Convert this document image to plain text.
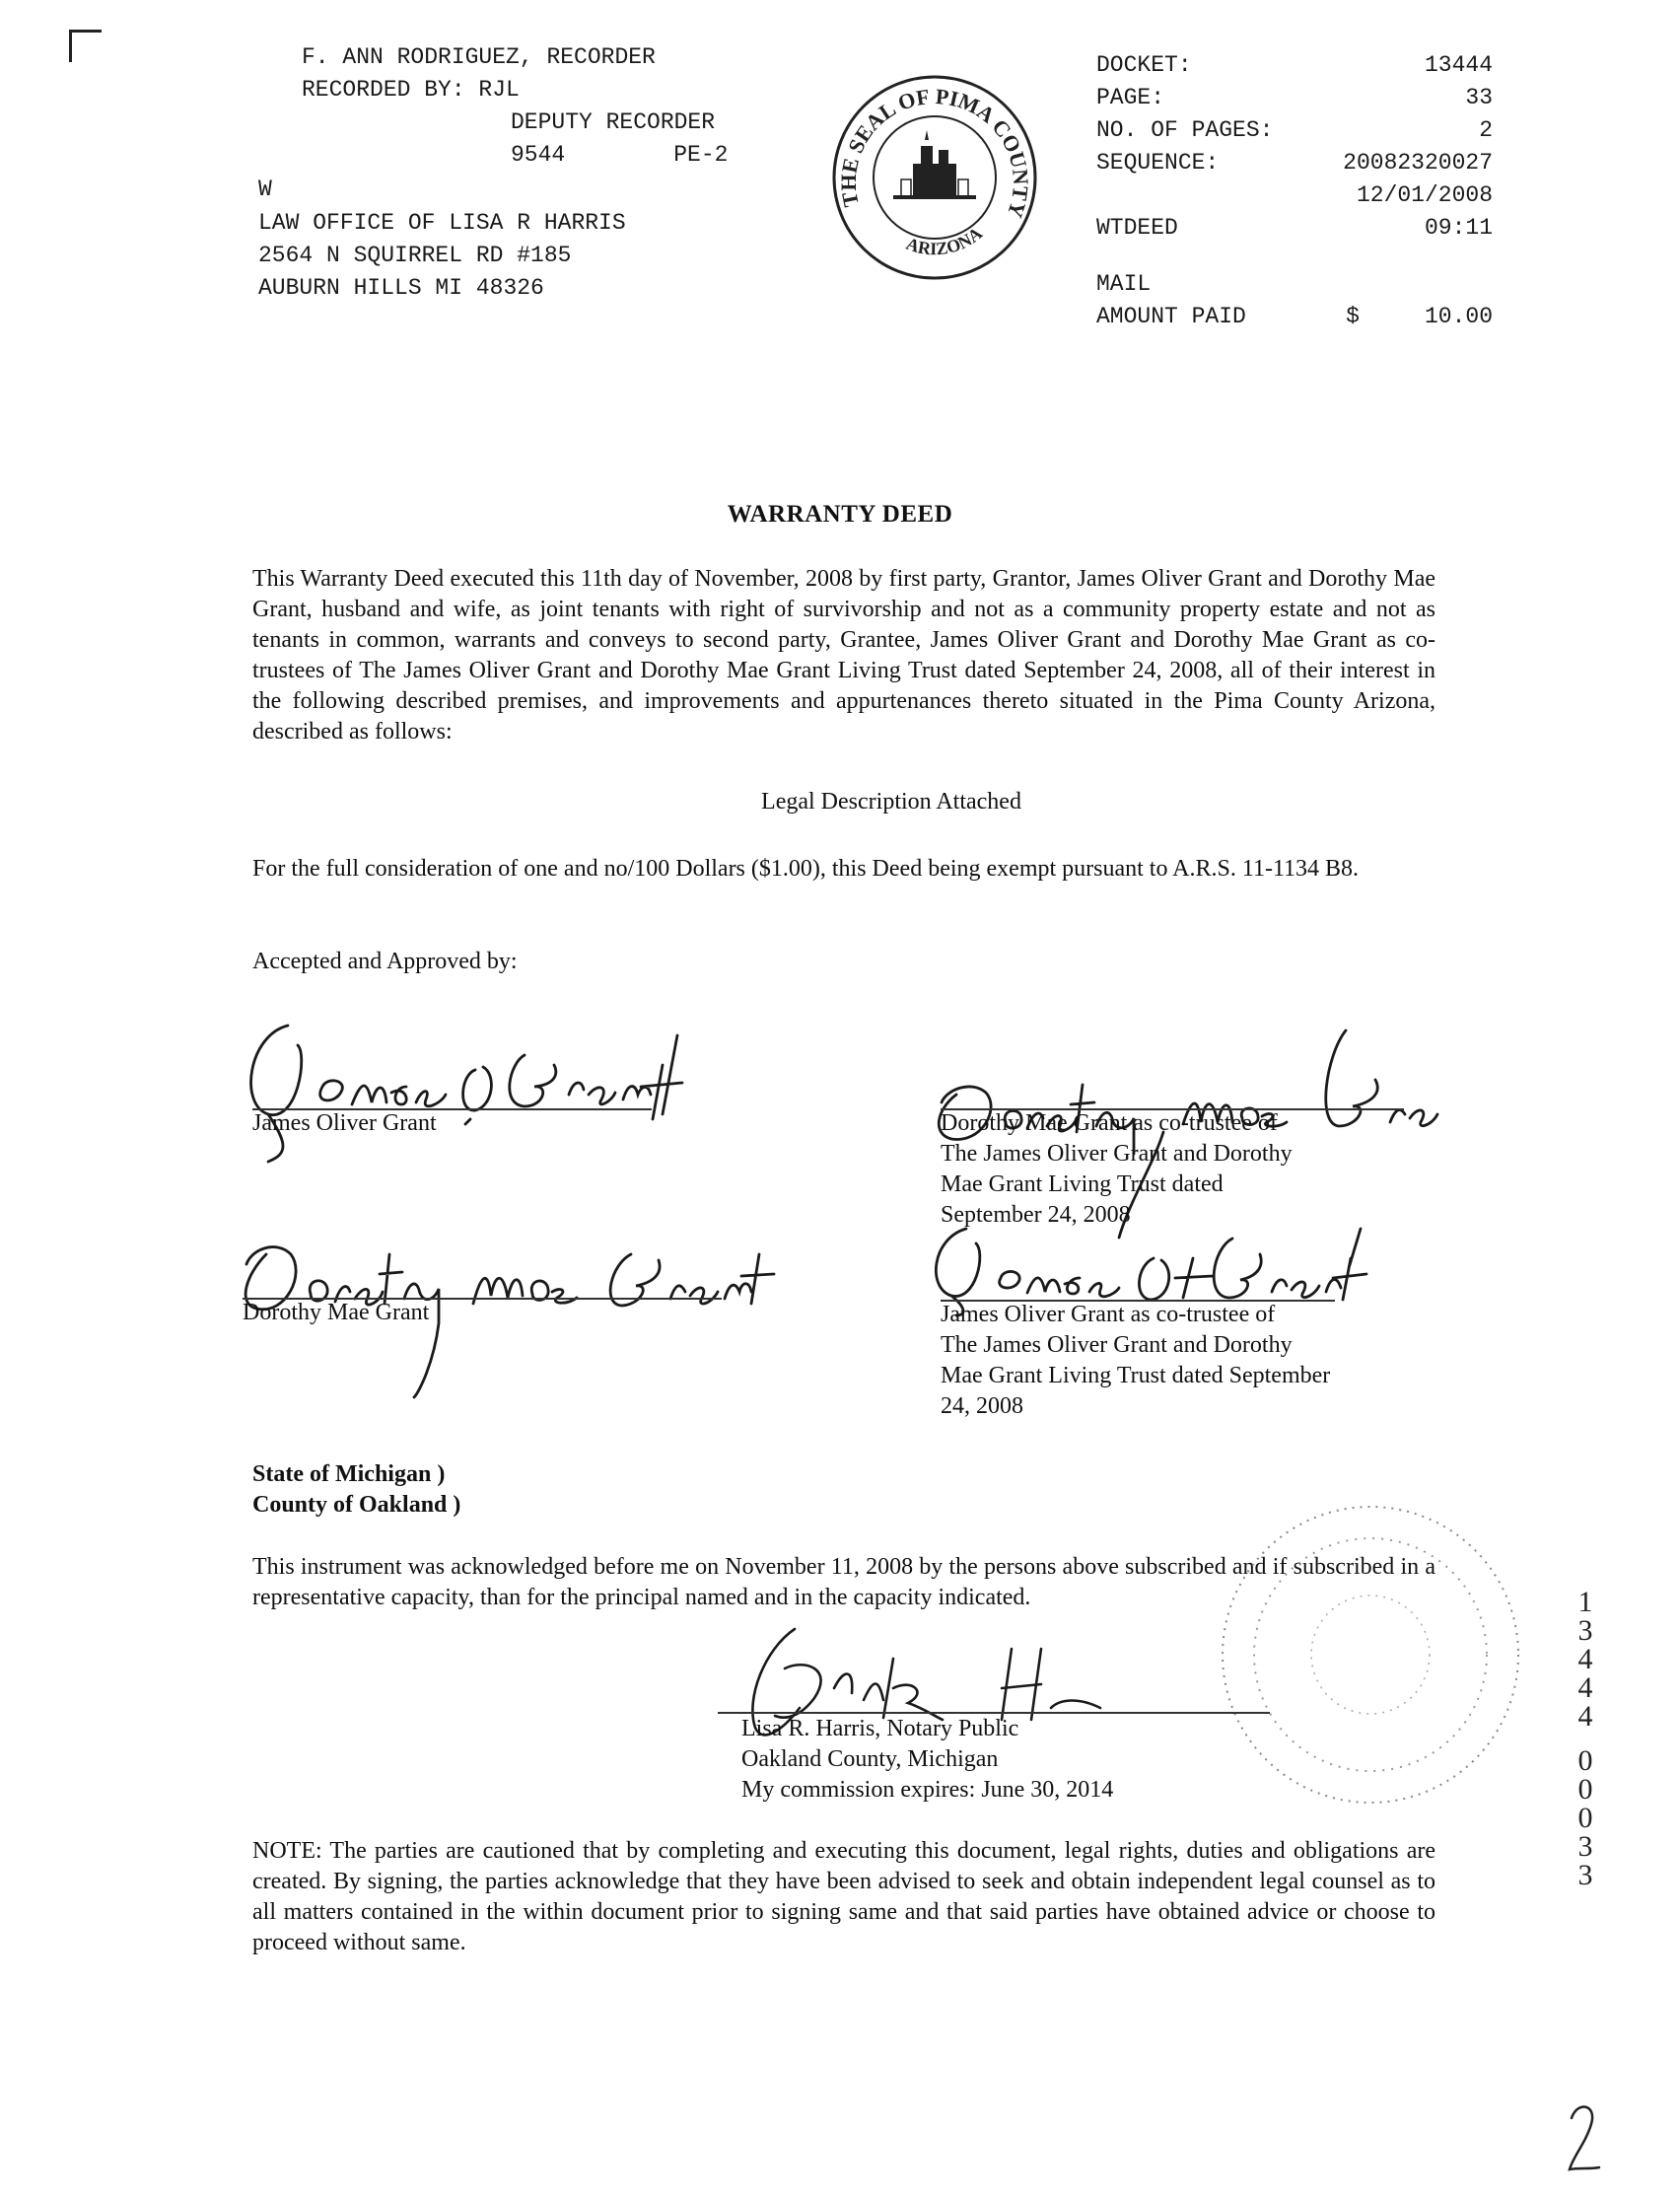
F. ANN RODRIGUEZ, RECORDER
RECORDED BY: RJL
DEPUTY RECORDER
9544	PE-2
W
LAW OFFICE OF LISA R HARRIS
2564 N SQUIRREL RD #185
AUBURN HILLS MI 48326
THE SEAL OF PIMA COUNTY
ARIZONA
DOCKET:	13444
PAGE:	33
NO. OF PAGES:	2
SEQUENCE:	20082320027
12/01/2008
WTDEED	09:11
MAIL
AMOUNT PAID	$	10.00
WARRANTY DEED
This Warranty Deed executed this 11th day of November, 2008 by first party, Grantor, James Oliver Grant and Dorothy Mae Grant, husband and wife, as joint tenants with right of survivorship and not as a community property estate and not as tenants in common, warrants and conveys to second party, Grantee, James Oliver Grant and Dorothy Mae Grant as co-trustees of The James Oliver Grant and Dorothy Mae Grant Living Trust dated September 24, 2008, all of their interest in the following described premises, and improvements and appurtenances thereto situated in the Pima County Arizona, described as follows:
Legal Description Attached
For the full consideration of one and no/100 Dollars ($1.00), this Deed being exempt pursuant to A.R.S. 11-1134 B8.
Accepted and Approved by:
James Oliver Grant
Dorothy Mae Grant
Dorothy Mae Grant as co-trustee of
The James Oliver Grant and Dorothy
Mae Grant Living Trust dated
September 24, 2008
James Oliver Grant as co-trustee of
The James Oliver Grant and Dorothy
Mae Grant Living Trust dated September
24, 2008
State of Michigan )
County of Oakland )
This instrument was acknowledged before me on November 11, 2008 by the persons above subscribed and if subscribed in a representative capacity, than for the principal named and in the capacity indicated.
Lisa R. Harris, Notary Public
Oakland County, Michigan
My commission expires: June 30, 2014
NOTE: The parties are cautioned that by completing and executing this document, legal rights, duties and obligations are created. By signing, the parties acknowledge that they have been advised to seek and obtain independent legal counsel as to all matters contained in the within document prior to signing same and that said parties have obtained advice or choose to proceed without same.
1
3
4
4
4
0
0
0
3
3
